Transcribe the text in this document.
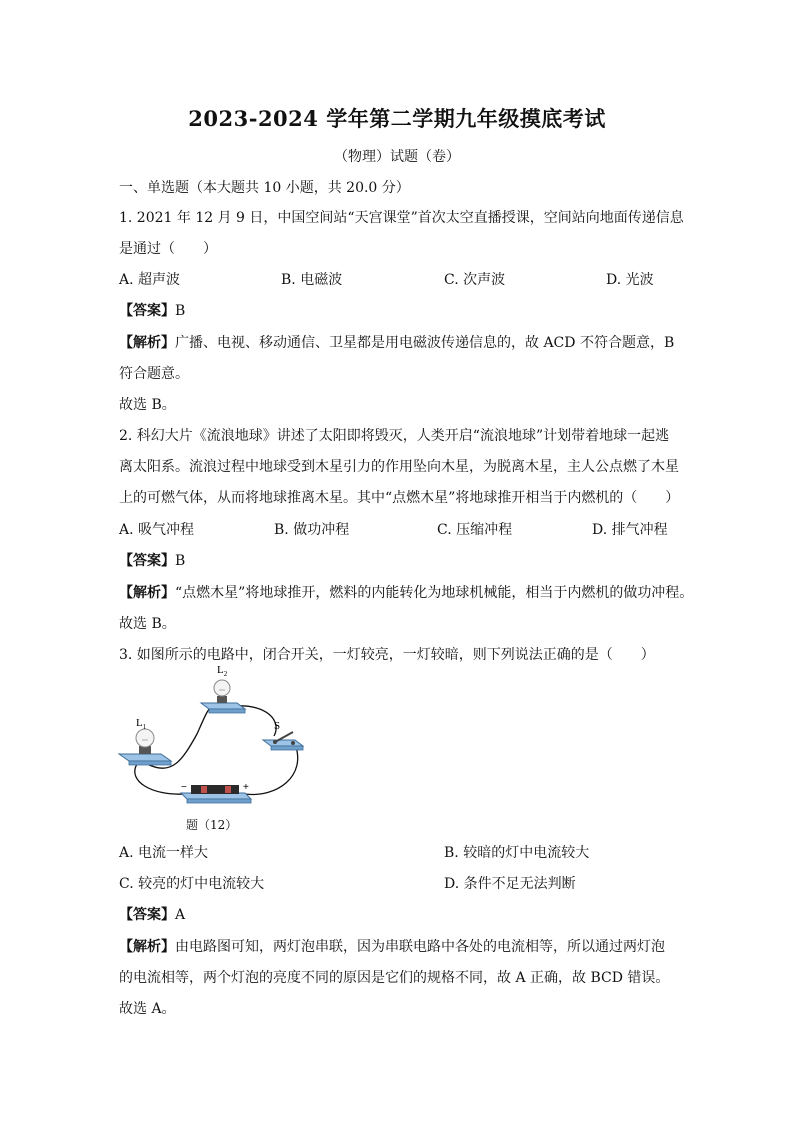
2023-2024 学年第二学期九年级摸底考试
（物理）试题（卷）
一、单选题（本大题共 10 小题，共 20.0 分）
1. 2021 年 12 月 9 日，中国空间站“天宫课堂”首次太空直播授课，空间站向地面传递信息
是通过（　　）
A. 超声波	B. 电磁波	C. 次声波	D. 光波
【答案】B
【解析】广播、电视、移动通信、卫星都是用电磁波传递信息的，故 ACD 不符合题意，B
符合题意。
故选 B。
2. 科幻大片《流浪地球》讲述了太阳即将毁灭，人类开启“流浪地球”计划带着地球一起逃
离太阳系。流浪过程中地球受到木星引力的作用坠向木星，为脱离木星，主人公点燃了木星
上的可燃气体，从而将地球推离木星。其中“点燃木星”将地球推开相当于内燃机的（　　）
A. 吸气冲程	B. 做功冲程	C. 压缩冲程	D. 排气冲程
【答案】B
【解析】“点燃木星”将地球推开，燃料的内能转化为地球机械能，相当于内燃机的做功冲程。
故选 B。
3. 如图所示的电路中，闭合开关，一灯较亮，一灯较暗，则下列说法正确的是（　　）
$L_1$
$L_2$
S
−	+
题（12）
A. 电流一样大	B. 较暗的灯中电流较大
C. 较亮的灯中电流较大	D. 条件不足无法判断
【答案】A
【解析】由电路图可知，两灯泡串联，因为串联电路中各处的电流相等，所以通过两灯泡
的电流相等，两个灯泡的亮度不同的原因是它们的规格不同，故 A 正确，故 BCD 错误。
故选 A。
